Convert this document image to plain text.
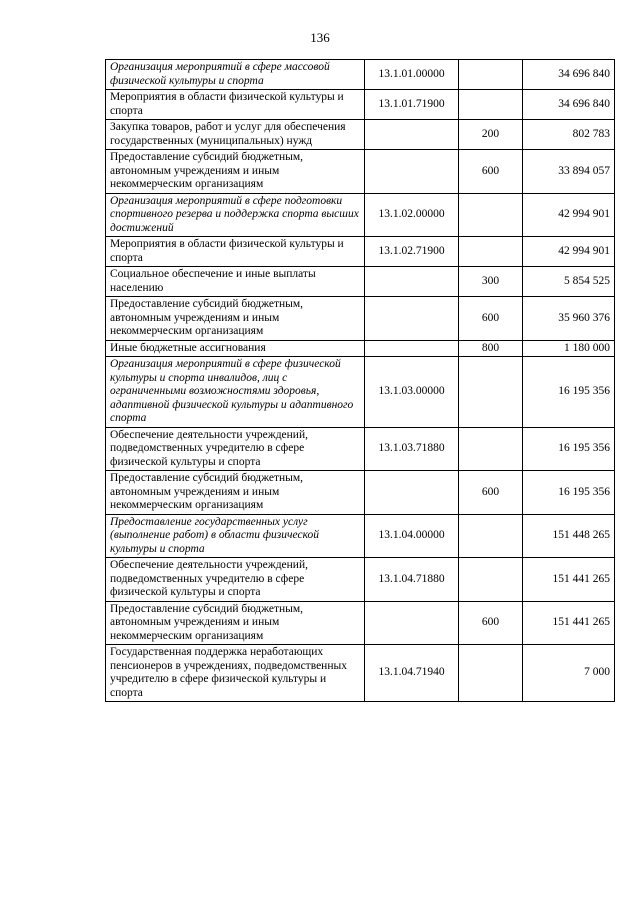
136
Организация мероприятий в сфере массовой физической культуры и спорта	13.1.01.00000		34 696 840
Мероприятия в области физической культуры и спорта	13.1.01.71900		34 696 840
Закупка товаров, работ и услуг для обеспечения государственных (муниципальных) нужд		200	802 783
Предоставление субсидий бюджетным, автономным учреждениям и иным некоммерческим организациям		600	33 894 057
Организация мероприятий в сфере подготовки спортивного резерва и поддержка спорта высших достижений	13.1.02.00000		42 994 901
Мероприятия в области физической культуры и спорта	13.1.02.71900		42 994 901
Социальное обеспечение и иные выплаты населению		300	5 854 525
Предоставление субсидий бюджетным, автономным учреждениям и иным некоммерческим организациям		600	35 960 376
Иные бюджетные ассигнования		800	1 180 000
Организация мероприятий в сфере физической культуры и спорта инвалидов, лиц с ограниченными возможностями здоровья, адаптивной физической культуры и адаптивного спорта	13.1.03.00000		16 195 356
Обеспечение деятельности учреждений, подведомственных учредителю в сфере физической культуры и спорта	13.1.03.71880		16 195 356
Предоставление субсидий бюджетным, автономным учреждениям и иным некоммерческим организациям		600	16 195 356
Предоставление государственных услуг (выполнение работ) в области физической культуры и спорта	13.1.04.00000		151 448 265
Обеспечение деятельности учреждений, подведомственных учредителю в сфере физической культуры и спорта	13.1.04.71880		151 441 265
Предоставление субсидий бюджетным, автономным учреждениям и иным некоммерческим организациям		600	151 441 265
Государственная поддержка неработающих пенсионеров в учреждениях, подведомственных учредителю в сфере физической культуры и спорта	13.1.04.71940		7 000
